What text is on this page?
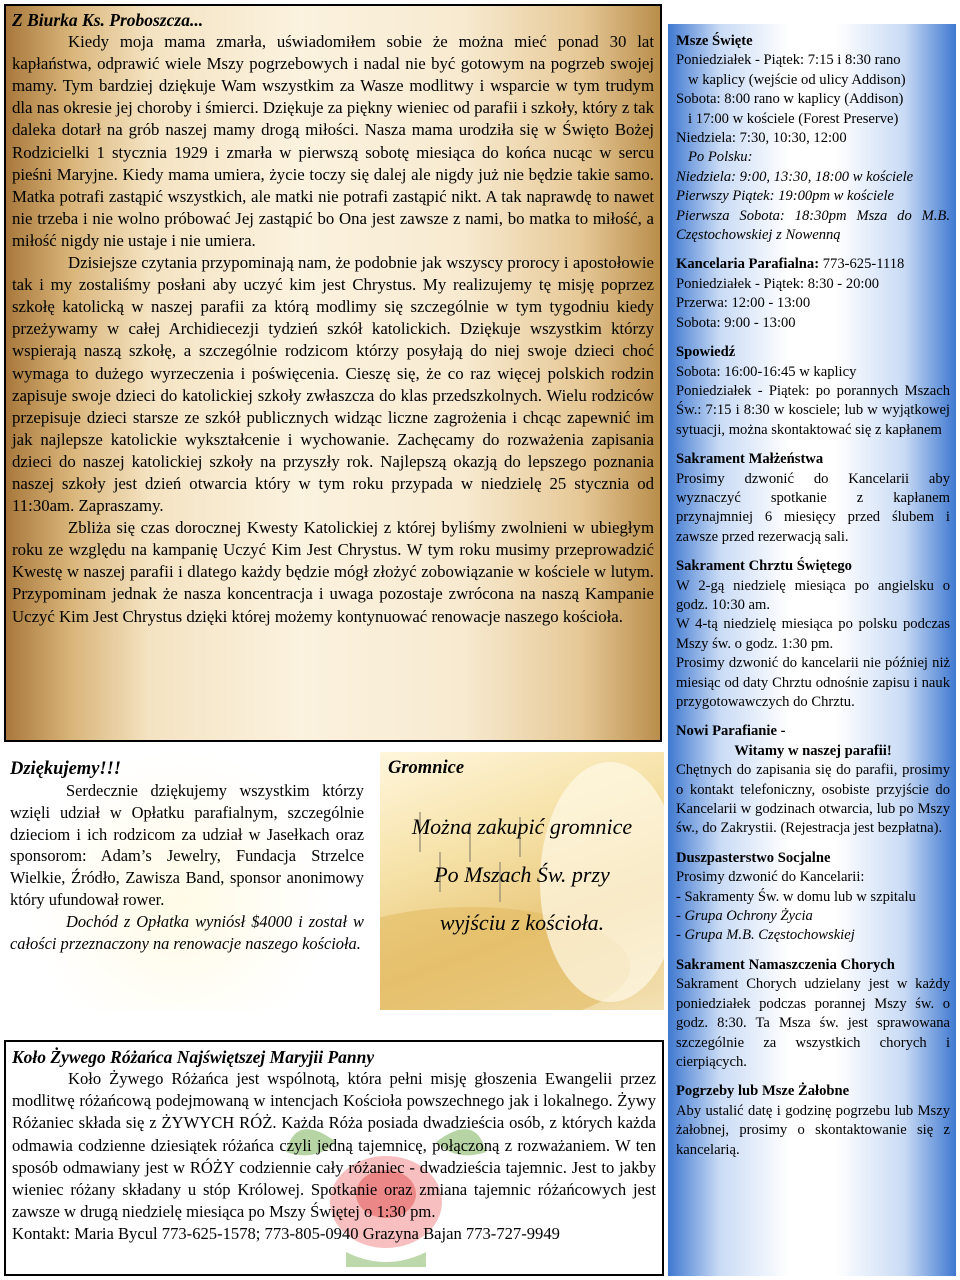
Z Biurka Ks. Proboszcza...

Kiedy moja mama zmarła, uświadomiłem sobie że można mieć ponad 30 lat kapłaństwa, odprawić wiele Mszy pogrzebowych i nadal nie być gotowym na pogrzeb swojej mamy. Tym bardziej dziękuje Wam wszystkim za Wasze modlitwy i wsparcie w tym trudym dla nas okresie jej choroby i śmierci. Dziękuje za piękny wieniec od parafii i szkoły, który z tak daleka dotarł na grób naszej mamy drogą miłości. Nasza mama urodziła się w Święto Bożej Rodzicielki 1 stycznia 1929 i zmarła w pierwszą sobotę miesiąca do końca nucąc w sercu pieśni Maryjne. Kiedy mama umiera, życie toczy się dalej ale nigdy już nie będzie takie samo. Matka potrafi zastąpić wszystkich, ale matki nie potrafi zastąpić nikt. A tak naprawdę to nawet nie trzeba i nie wolno próbować Jej zastąpić bo Ona jest zawsze z nami, bo matka to miłość, a miłość nigdy nie ustaje i nie umiera.

Dzisiejsze czytania przypominają nam, że podobnie jak wszyscy prorocy i apostołowie tak i my zostaliśmy posłani aby uczyć kim jest Chrystus. My realizujemy tę misję poprzez szkołę katolicką w naszej parafii za którą modlimy się szczególnie w tym tygodniu kiedy przeżywamy w całej Archidiecezji tydzień szkół katolickich. Dziękuje wszystkim którzy wspierają naszą szkołę, a szczególnie rodzicom którzy posyłają do niej swoje dzieci choć wymaga to dużego wyrzeczenia i poświęcenia. Cieszę się, że co raz więcej polskich rodzin zapisuje swoje dzieci do katolickiej szkoły zwłaszcza do klas przedszkolnych. Wielu rodziców przepisuje dzieci starsze ze szkół publicznych widząc liczne zagrożenia i chcąc zapewnić im jak najlepsze katolickie wykształcenie i wychowanie. Zachęcamy do rozważenia zapisania dzieci do naszej katolickiej szkoły na przyszły rok. Najlepszą okazją do lepszego poznania naszej szkoły jest dzień otwarcia który w tym roku przypada w niedzielę 25 stycznia od 11:30am. Zapraszamy.

Zbliża się czas dorocznej Kwesty Katolickiej z której byliśmy zwolnieni w ubiegłym roku ze względu na kampanię Uczyć Kim Jest Chrystus. W tym roku musimy przeprowadzić Kwestę w naszej parafii i dlatego każdy będzie mógł złożyć zobowiązanie w kościele w lutym. Przypominam jednak że nasza koncentracja i uwaga pozostaje zwrócona na naszą Kampanie Uczyć Kim Jest Chrystus dzięki której możemy kontynuować renowacje naszego kościoła.

Dziękujemy!!!

Serdecznie dziękujemy wszystkim którzy wzięli udział w Opłatku parafialnym, szczególnie dzieciom i ich rodzicom za udział w Jasełkach oraz sponsorom: Adam’s Jewelry, Fundacja Strzelce Wielkie, Źródło, Zawisza Band, sponsor anonimowy który ufundował rower.

Dochód z Opłatka wyniósł $4000 i został w całości przeznaczony na renowacje naszego kościoła.

Gromnice
Można zakupić gromnice
Po Mszach Św. przy
wyjściu z kościoła.

Koło Żywego Różańca Najświętszej Maryjii Panny

Koło Żywego Różańca jest wspólnotą, która pełni misję głoszenia Ewangelii przez modlitwę różańcową podejmowaną w intencjach Kościoła powszechnego jak i lokalnego. Żywy Różaniec składa się z ŻYWYCH RÓŻ. Każda Róża posiada dwadzieścia osób, z których każda odmawia codzienne dziesiątek różańca czyli jedną tajemnicę, połączoną z rozważaniem. W ten sposób odmawiany jest w RÓŻY codziennie cały różaniec - dwadzieścia tajemnic. Jest to jakby wieniec różany składany u stóp Królowej. Spotkanie oraz zmiana tajemnic różańcowych jest zawsze w drugą niedzielę miesiąca po Mszy Świętej o 1:30 pm.

Kontakt: Maria Bycul 773-625-1578; 773-805-0940 Grazyna Bajan 773-727-9949

Msze Święte

Poniedziałek - Piątek: 7:15 i 8:30 rano

w kaplicy (wejście od ulicy Addison)

Sobota: 8:00 rano w kaplicy (Addison)

i 17:00 w kościele (Forest Preserve)

Niedziela: 7:30, 10:30, 12:00

Po Polsku:

Niedziela: 9:00, 13:30, 18:00 w kościele

Pierwszy Piątek: 19:00pm w kościele

Pierwsza Sobota: 18:30pm Msza do M.B. Częstochowskiej z Nowenną

Kancelaria Parafialna: 773-625-1118

Poniedziałek - Piątek: 8:30 - 20:00

Przerwa: 12:00 - 13:00

Sobota: 9:00 - 13:00

Spowiedź

Sobota: 16:00-16:45 w kaplicy

Poniedziałek - Piątek: po porannych Mszach Św.: 7:15 i 8:30 w kosciele; lub w wyjątkowej sytuacji, można skontaktować się z kapłanem

Sakrament Małżeństwa

Prosimy dzwonić do Kancelarii aby wyznaczyć spotkanie z kapłanem przynajmniej 6 miesięcy przed ślubem i zawsze przed rezerwacją sali.

Sakrament Chrztu Świętego

W 2-gą niedzielę miesiąca po angielsku o godz. 10:30 am.

W 4-tą niedzielę miesiąca po polsku podczas Mszy św. o godz. 1:30 pm.

Prosimy dzwonić do kancelarii nie później niż miesiąc od daty Chrztu odnośnie zapisu i nauk przygotowawczych do Chrztu.

Nowi Parafianie -

Witamy w naszej parafii!

Chętnych do zapisania się do parafii, prosimy o kontakt telefoniczny, osobiste przyjście do Kancelarii w godzinach otwarcia, lub po Mszy św., do Zakrystii. (Rejestracja jest bezpłatna).

Duszpasterstwo Socjalne

Prosimy dzwonić do Kancelarii:

- Sakramenty Św. w domu lub w szpitalu

- Grupa Ochrony Życia

- Grupa M.B. Częstochowskiej

Sakrament Namaszczenia Chorych

Sakrament Chorych udzielany jest w każdy poniedziałek podczas porannej Mszy św. o godz. 8:30. Ta Msza św. jest sprawowana szczególnie za wszystkich chorych i cierpiących.

Pogrzeby lub Msze Żałobne

Aby ustalić datę i godzinę pogrzebu lub Mszy żałobnej, prosimy o skontaktowanie się z kancelarią.
